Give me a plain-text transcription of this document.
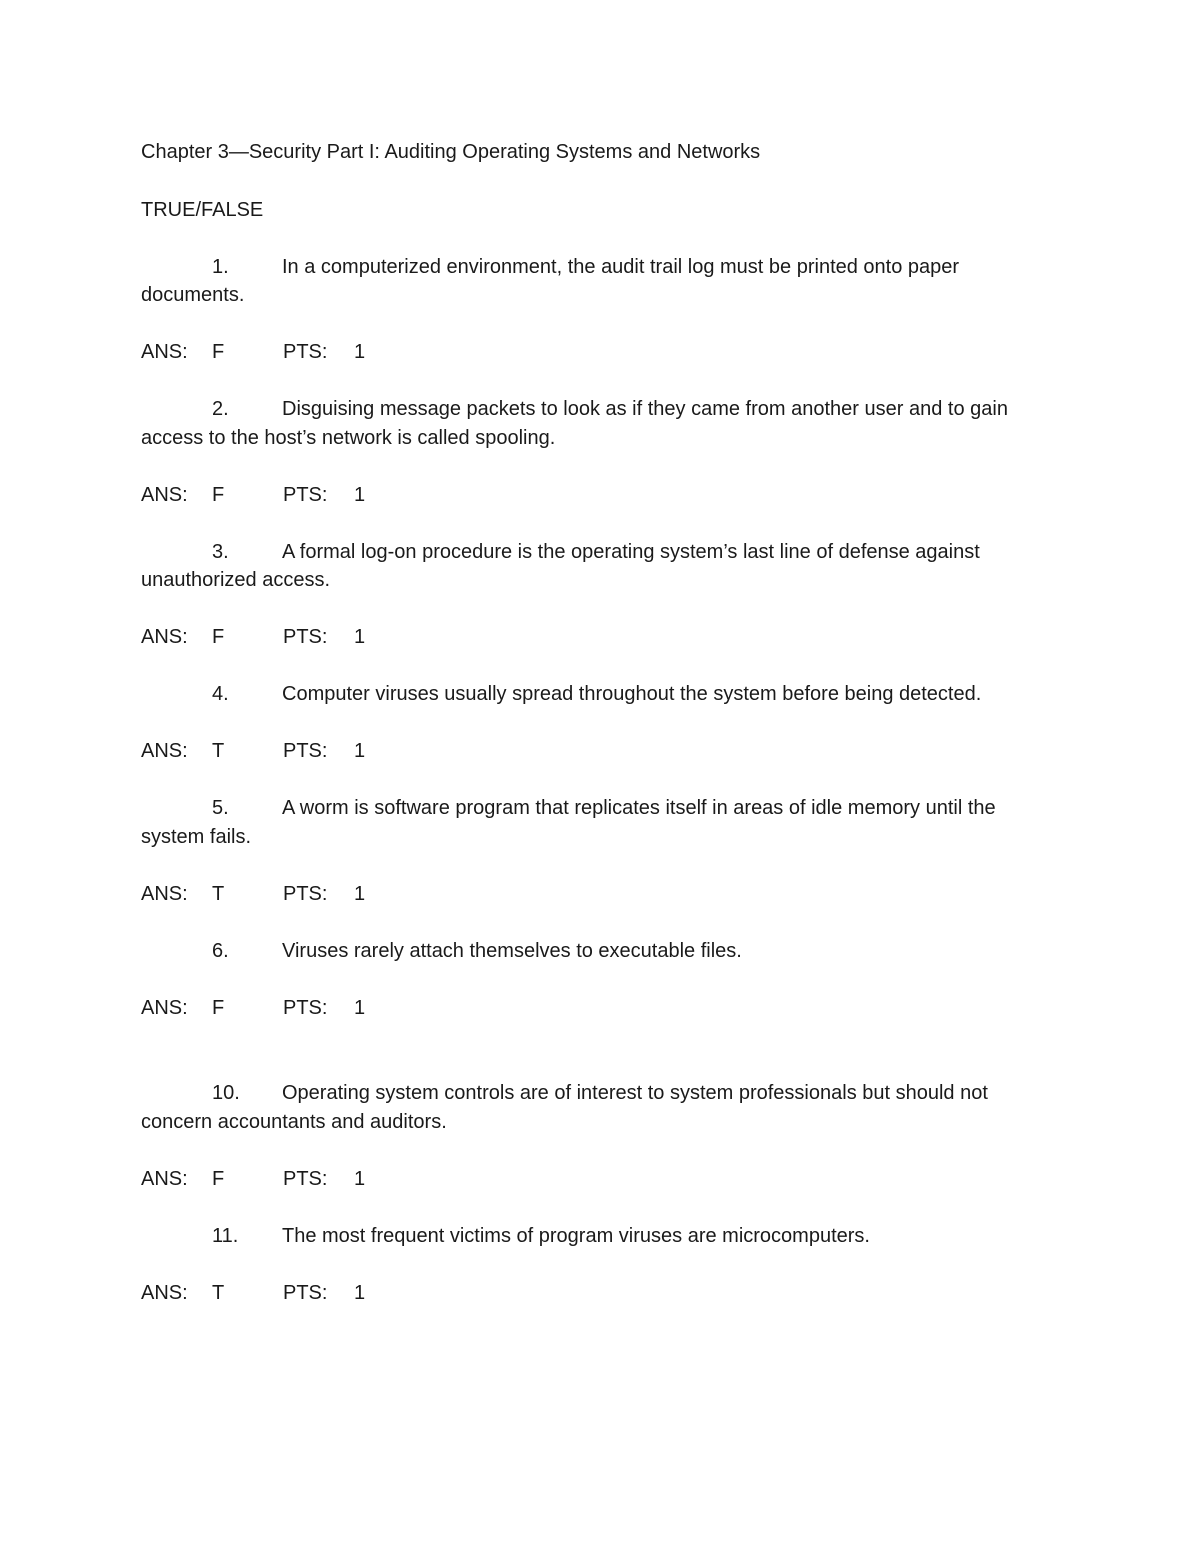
Chapter 3—Security Part I: Auditing Operating Systems and Networks
TRUE/FALSE
1.	In a computerized environment, the audit trail log must be printed onto paper documents.
ANS: F	PTS: 1
2.	Disguising message packets to look as if they came from another user and to gain access to the host’s network is called spooling.
ANS: F	PTS: 1
3.	A formal log-on procedure is the operating system’s last line of defense against unauthorized access.
ANS: F	PTS: 1
4.	Computer viruses usually spread throughout the system before being detected.
ANS: T	PTS: 1
5.	A worm is software program that replicates itself in areas of idle memory until the system fails.
ANS: T	PTS: 1
6.	Viruses rarely attach themselves to executable files.
ANS: F	PTS: 1
10. Operating system controls are of interest to system professionals but should not concern accountants and auditors.
ANS: F	PTS: 1
11. The most frequent victims of program viruses are microcomputers.
ANS: T	PTS: 1
